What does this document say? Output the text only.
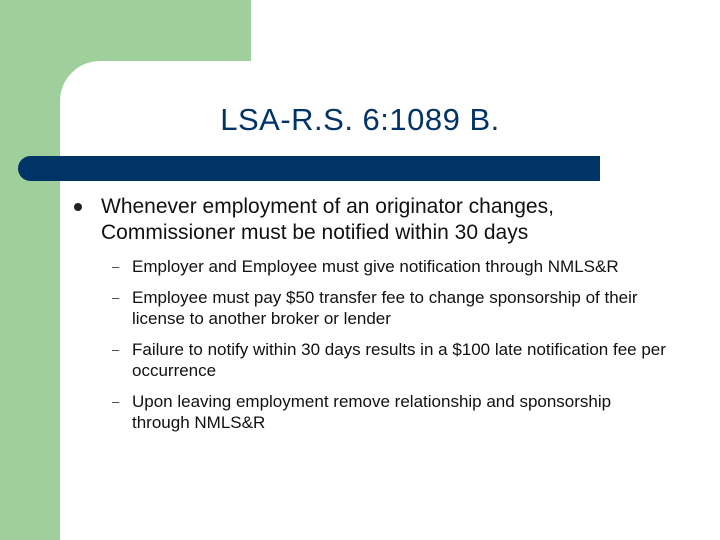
LSA-R.S. 6:1089 B.
Whenever employment of an originator changes, Commissioner must be notified within 30 days
– Employer and Employee must give notification through NMLS&R
– Employee must pay $50 transfer fee to change sponsorship of their license to another broker or lender
– Failure to notify within 30 days results in a $100 late notification fee per occurrence
– Upon leaving employment remove relationship and sponsorship through NMLS&R
